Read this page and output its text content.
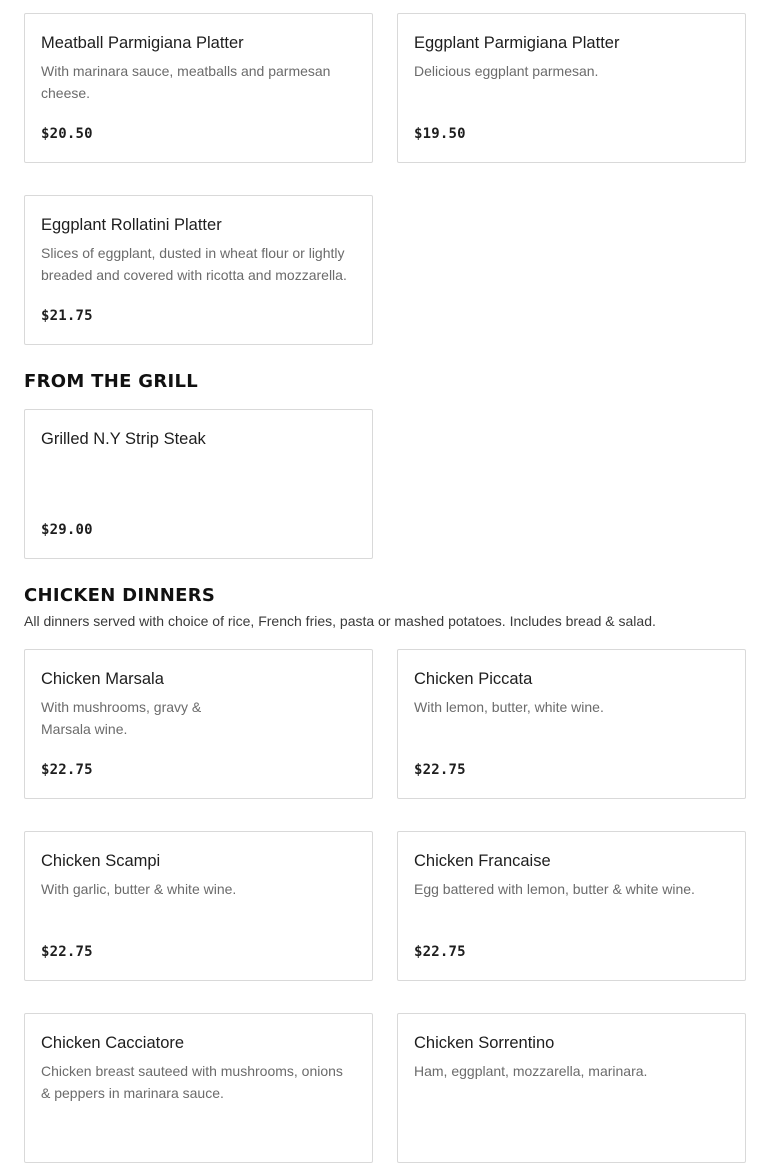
Meatball Parmigiana Platter
With marinara sauce, meatballs and parmesan cheese.
$20.50
Eggplant Parmigiana Platter
Delicious eggplant parmesan.
$19.50
Eggplant Rollatini Platter
Slices of eggplant, dusted in wheat flour or lightly breaded and covered with ricotta and mozzarella.
$21.75
FROM THE GRILL
Grilled N.Y Strip Steak
$29.00
CHICKEN DINNERS
All dinners served with choice of rice, French fries, pasta or mashed potatoes. Includes bread & salad.
Chicken Marsala
With mushrooms, gravy & Marsala wine.
$22.75
Chicken Piccata
With lemon, butter, white wine.
$22.75
Chicken Scampi
With garlic, butter & white wine.
$22.75
Chicken Francaise
Egg battered with lemon, butter & white wine.
$22.75
Chicken Cacciatore
Chicken breast sauteed with mushrooms, onions & peppers in marinara sauce.
Chicken Sorrentino
Ham, eggplant, mozzarella, marinara.
